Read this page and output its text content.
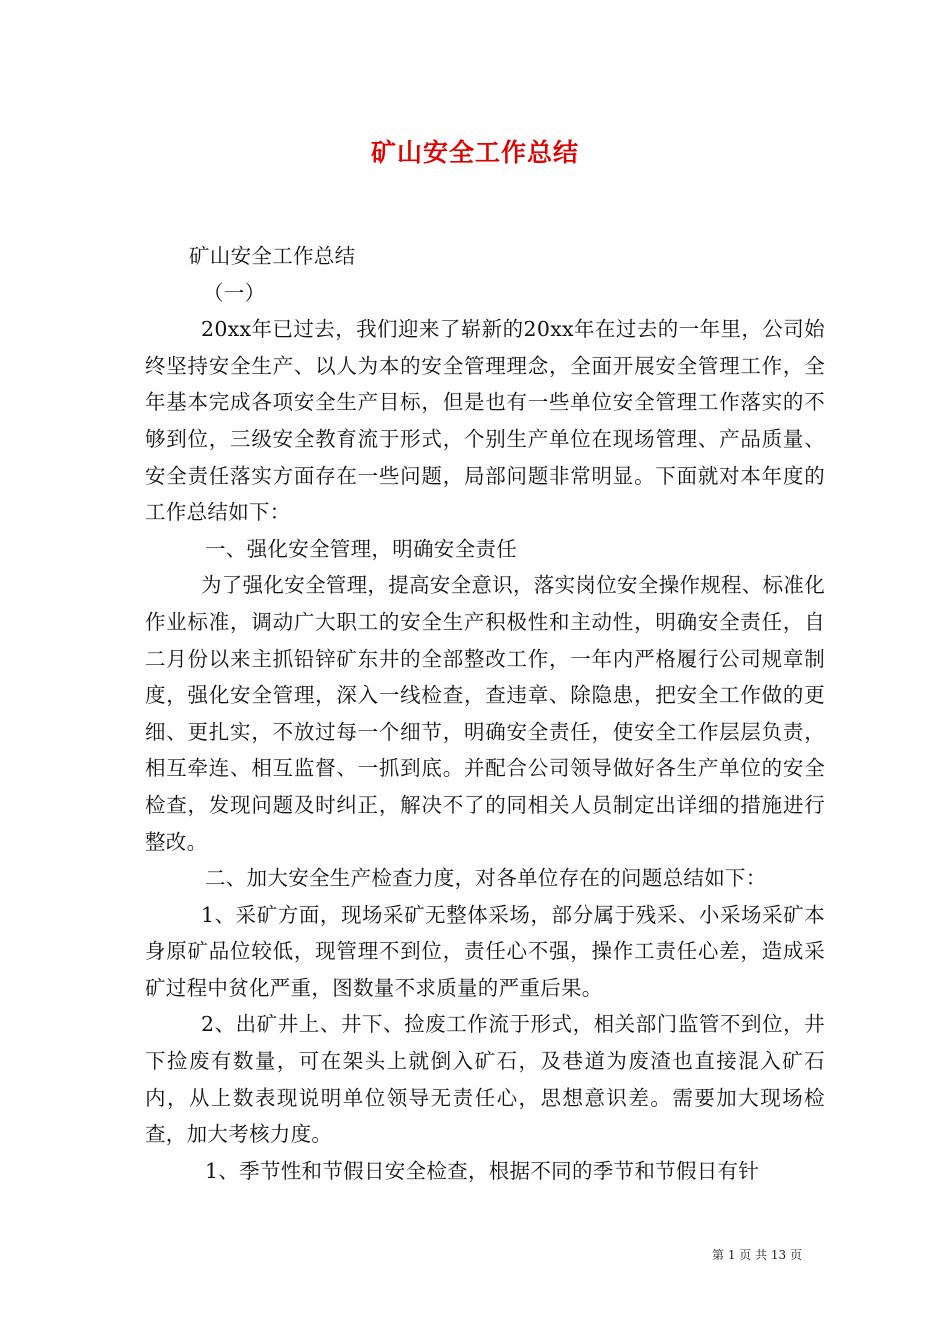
矿山安全工作总结

矿山安全工作总结

（一）

20xx年已过去，我们迎来了崭新的20xx年在过去的一年里，公司始终坚持安全生产、以人为本的安全管理理念，全面开展安全管理工作，全年基本完成各项安全生产目标，但是也有一些单位安全管理工作落实的不够到位，三级安全教育流于形式，个别生产单位在现场管理、产品质量、安全责任落实方面存在一些问题，局部问题非常明显。下面就对本年度的工作总结如下：

一、强化安全管理，明确安全责任

为了强化安全管理，提高安全意识，落实岗位安全操作规程、标准化作业标准，调动广大职工的安全生产积极性和主动性，明确安全责任，自二月份以来主抓铅锌矿东井的全部整改工作，一年内严格履行公司规章制度，强化安全管理，深入一线检查，查违章、除隐患，把安全工作做的更细、更扎实，不放过每一个细节，明确安全责任，使安全工作层层负责，相互牵连、相互监督、一抓到底。并配合公司领导做好各生产单位的安全检查，发现问题及时纠正，解决不了的同相关人员制定出详细的措施进行整改。

二、加大安全生产检查力度，对各单位存在的问题总结如下：

1、采矿方面，现场采矿无整体采场，部分属于残采、小采场采矿本身原矿品位较低，现管理不到位，责任心不强，操作工责任心差，造成采矿过程中贫化严重，图数量不求质量的严重后果。

2、出矿井上、井下、捡废工作流于形式，相关部门监管不到位，井下捡废有数量，可在架头上就倒入矿石，及巷道为废渣也直接混入矿石内，从上数表现说明单位领导无责任心，思想意识差。需要加大现场检查，加大考核力度。

1、季节性和节假日安全检查，根据不同的季节和节假日有针

第 1 页 共 13 页
